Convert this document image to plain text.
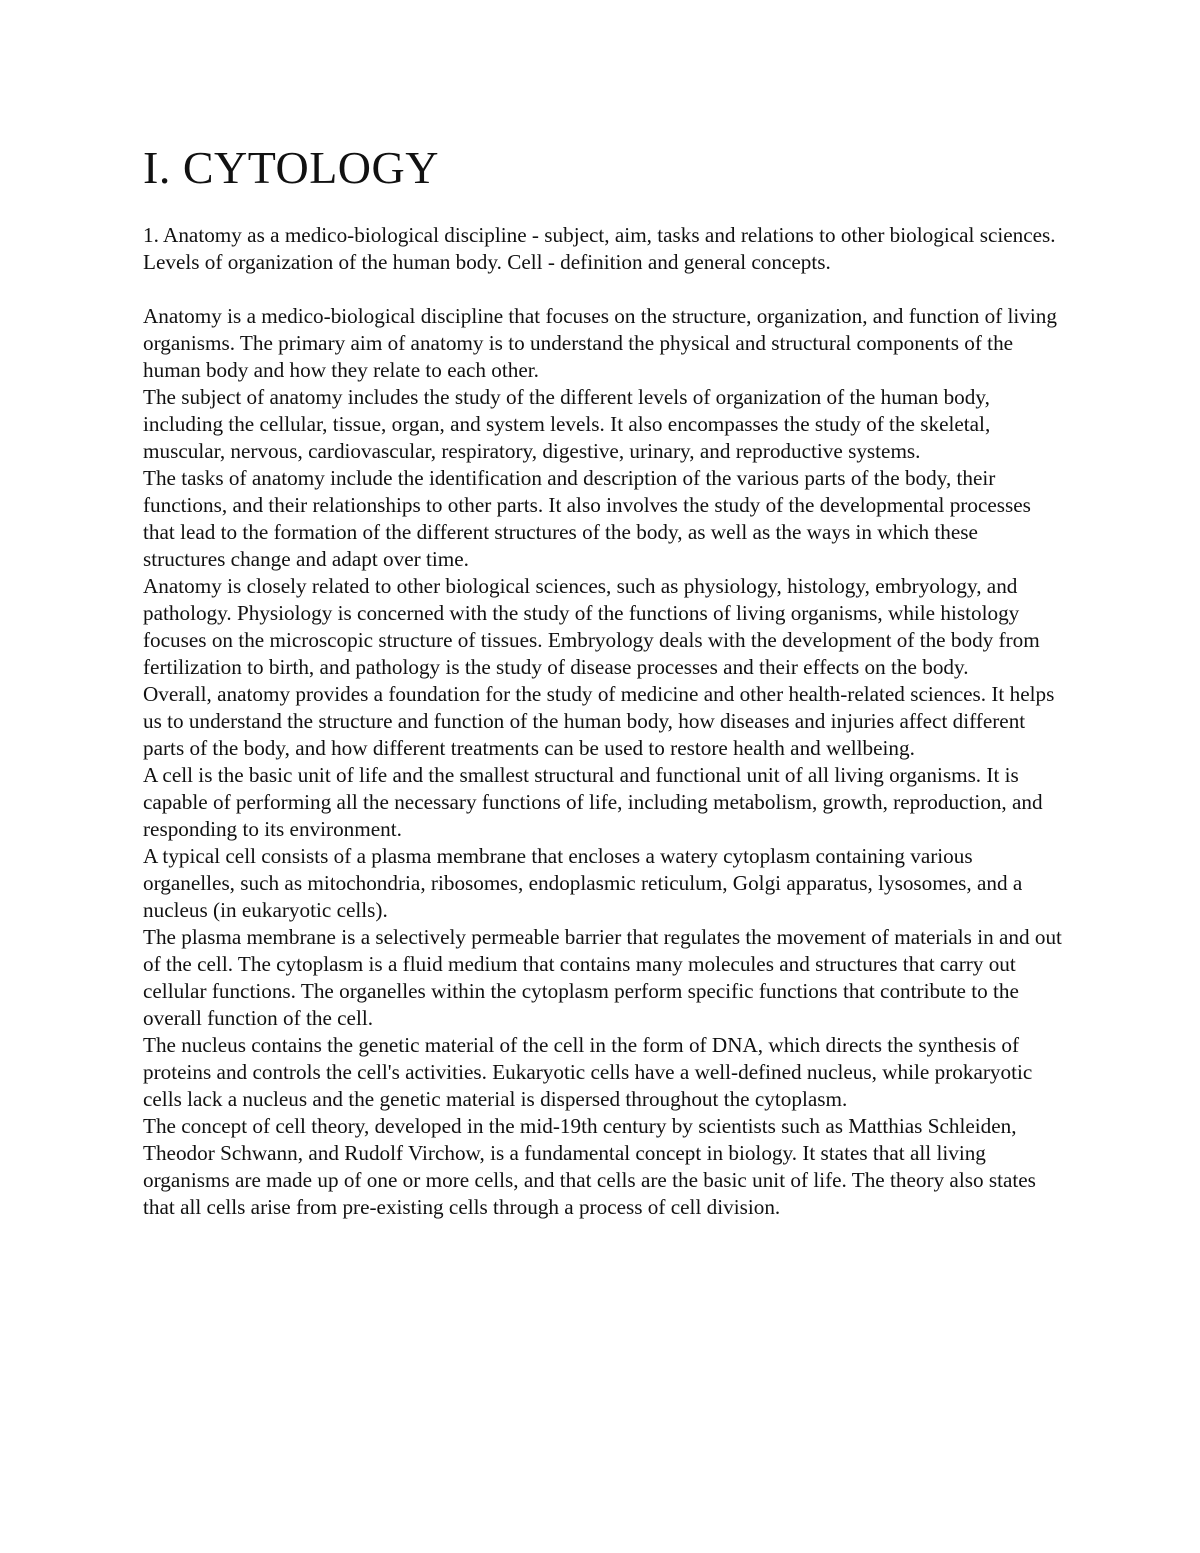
I. CYTOLOGY

1. Anatomy as a medico-biological discipline - subject, aim, tasks and relations to other biological sciences. Levels of organization of the human body. Cell - definition and general concepts.

Anatomy is a medico-biological discipline that focuses on the structure, organization, and function of living organisms. The primary aim of anatomy is to understand the physical and structural components of the human body and how they relate to each other.

The subject of anatomy includes the study of the different levels of organization of the human body, including the cellular, tissue, organ, and system levels. It also encompasses the study of the skeletal, muscular, nervous, cardiovascular, respiratory, digestive, urinary, and reproductive systems.

The tasks of anatomy include the identification and description of the various parts of the body, their functions, and their relationships to other parts. It also involves the study of the developmental processes that lead to the formation of the different structures of the body, as well as the ways in which these structures change and adapt over time.

Anatomy is closely related to other biological sciences, such as physiology, histology, embryology, and pathology. Physiology is concerned with the study of the functions of living organisms, while histology focuses on the microscopic structure of tissues. Embryology deals with the development of the body from fertilization to birth, and pathology is the study of disease processes and their effects on the body.

Overall, anatomy provides a foundation for the study of medicine and other health-related sciences. It helps us to understand the structure and function of the human body, how diseases and injuries affect different parts of the body, and how different treatments can be used to restore health and wellbeing.

A cell is the basic unit of life and the smallest structural and functional unit of all living organisms. It is capable of performing all the necessary functions of life, including metabolism, growth, reproduction, and responding to its environment.

A typical cell consists of a plasma membrane that encloses a watery cytoplasm containing various organelles, such as mitochondria, ribosomes, endoplasmic reticulum, Golgi apparatus, lysosomes, and a nucleus (in eukaryotic cells).

The plasma membrane is a selectively permeable barrier that regulates the movement of materials in and out of the cell. The cytoplasm is a fluid medium that contains many molecules and structures that carry out cellular functions. The organelles within the cytoplasm perform specific functions that contribute to the overall function of the cell.

The nucleus contains the genetic material of the cell in the form of DNA, which directs the synthesis of proteins and controls the cell's activities. Eukaryotic cells have a well-defined nucleus, while prokaryotic cells lack a nucleus and the genetic material is dispersed throughout the cytoplasm.

The concept of cell theory, developed in the mid-19th century by scientists such as Matthias Schleiden, Theodor Schwann, and Rudolf Virchow, is a fundamental concept in biology. It states that all living organisms are made up of one or more cells, and that cells are the basic unit of life. The theory also states that all cells arise from pre-existing cells through a process of cell division.
